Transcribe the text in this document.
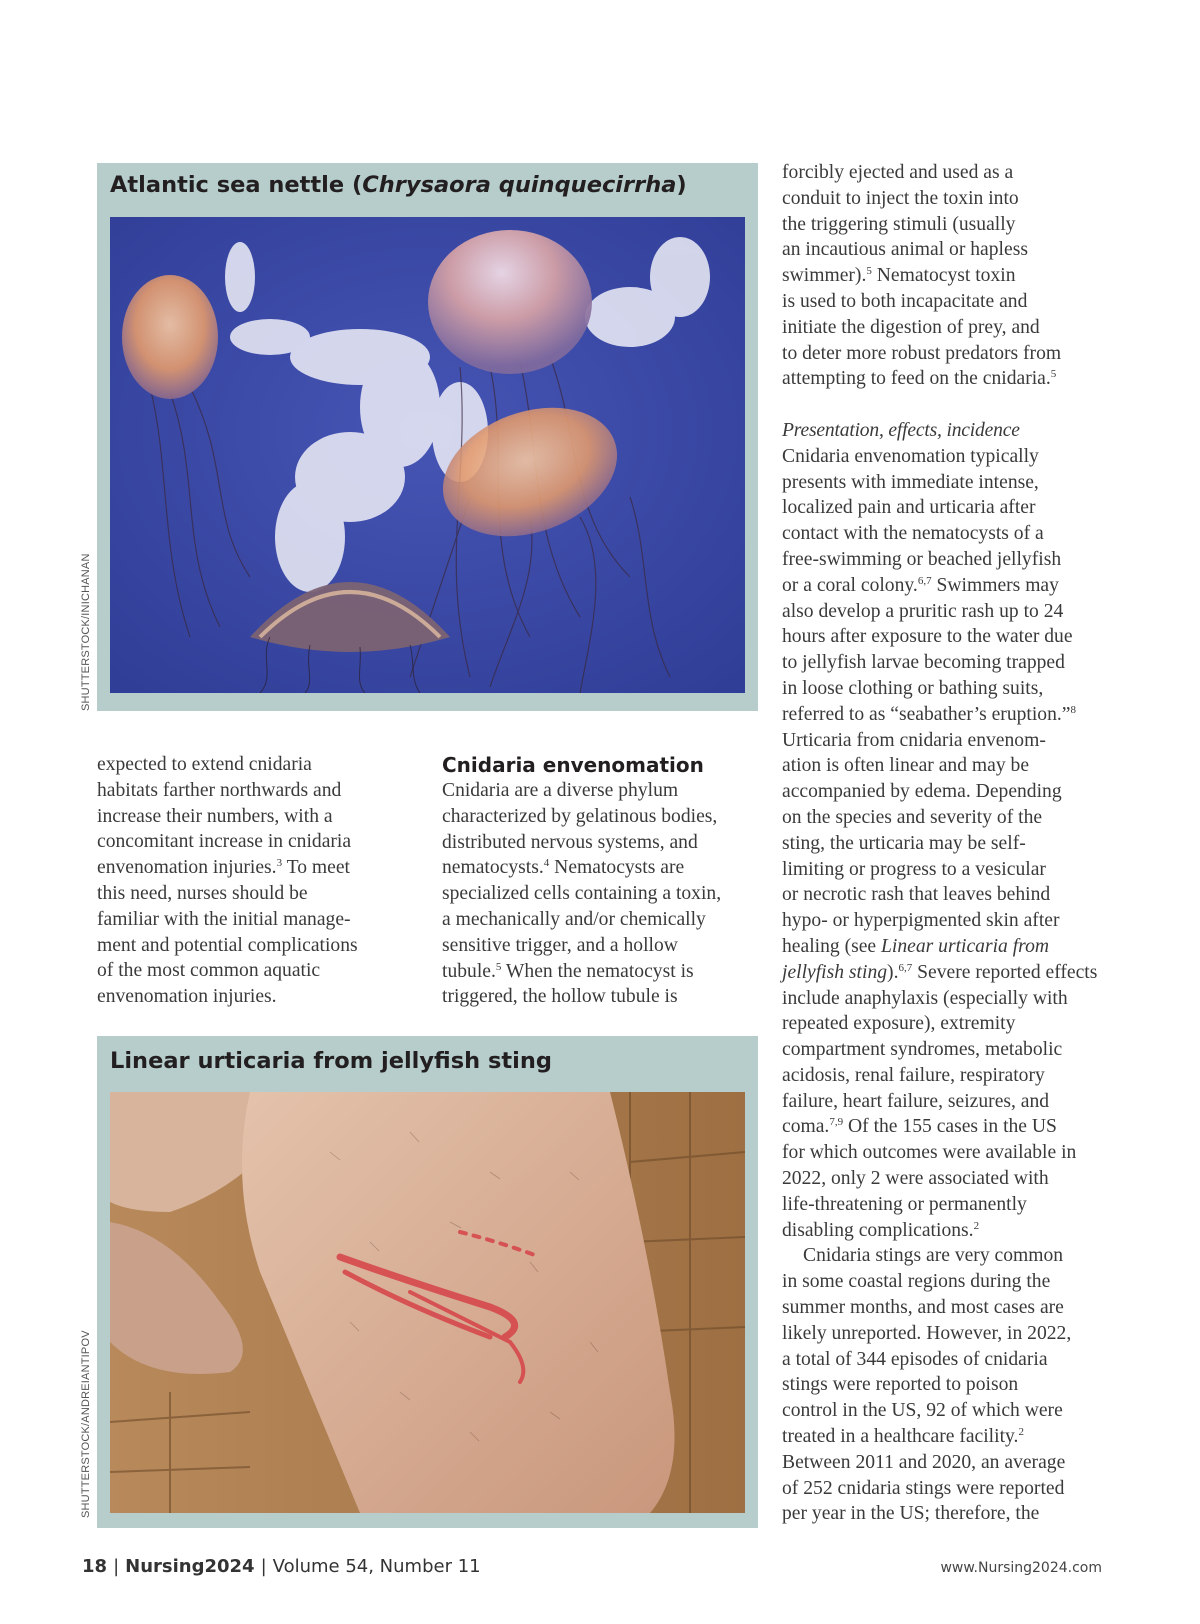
Atlantic sea nettle (Chrysaora quinquecirrha)
SHUTTERSTOCK/INICHANAN
expected to extend cnidaria
habitats farther northwards and
increase their numbers, with a
concomitant increase in cnidaria
envenomation injuries.$^3$ To meet
this need, nurses should be
familiar with the initial manage-
ment and potential complications
of the most common aquatic
envenomation injuries.
Cnidaria envenomation
Cnidaria are a diverse phylum
characterized by gelatinous bodies,
distributed nervous systems, and
nematocysts.$^4$ Nematocysts are
specialized cells containing a toxin,
a mechanically and/or chemically
sensitive trigger, and a hollow
tubule.$^5$ When the nematocyst is
triggered, the hollow tubule is
Linear urticaria from jellyfish sting
SHUTTERSTOCK/ANDREIANTIPOV
forcibly ejected and used as a
conduit to inject the toxin into
the triggering stimuli (usually
an incautious animal or hapless
swimmer).$^5$ Nematocyst toxin
is used to both incapacitate and
initiate the digestion of prey, and
to deter more robust predators from
attempting to feed on the cnidaria.$^5$
Presentation, effects, incidence
Cnidaria envenomation typically
presents with immediate intense,
localized pain and urticaria after
contact with the nematocysts of a
free-swimming or beached jellyfish
or a coral colony.$^{6,7}$ Swimmers may
also develop a pruritic rash up to 24
hours after exposure to the water due
to jellyfish larvae becoming trapped
in loose clothing or bathing suits,
referred to as “seabather’s eruption.”$^8$
Urticaria from cnidaria envenom-
ation is often linear and may be
accompanied by edema. Depending
on the species and severity of the
sting, the urticaria may be self-
limiting or progress to a vesicular
or necrotic rash that leaves behind
hypo- or hyperpigmented skin after
healing (see Linear urticaria from
jellyfish sting).$^{6,7}$ Severe reported effects
include anaphylaxis (especially with
repeated exposure), extremity
compartment syndromes, metabolic
acidosis, renal failure, respiratory
failure, heart failure, seizures, and
coma.$^{7,9}$ Of the 155 cases in the US
for which outcomes were available in
2022, only 2 were associated with
life-threatening or permanently
disabling complications.$^2$
Cnidaria stings are very common
in some coastal regions during the
summer months, and most cases are
likely unreported. However, in 2022,
a total of 344 episodes of cnidaria
stings were reported to poison
control in the US, 92 of which were
treated in a healthcare facility.$^2$
Between 2011 and 2020, an average
of 252 cnidaria stings were reported
per year in the US; therefore, the
18 | Nursing2024 | Volume 54, Number 11	www.Nursing2024.com
